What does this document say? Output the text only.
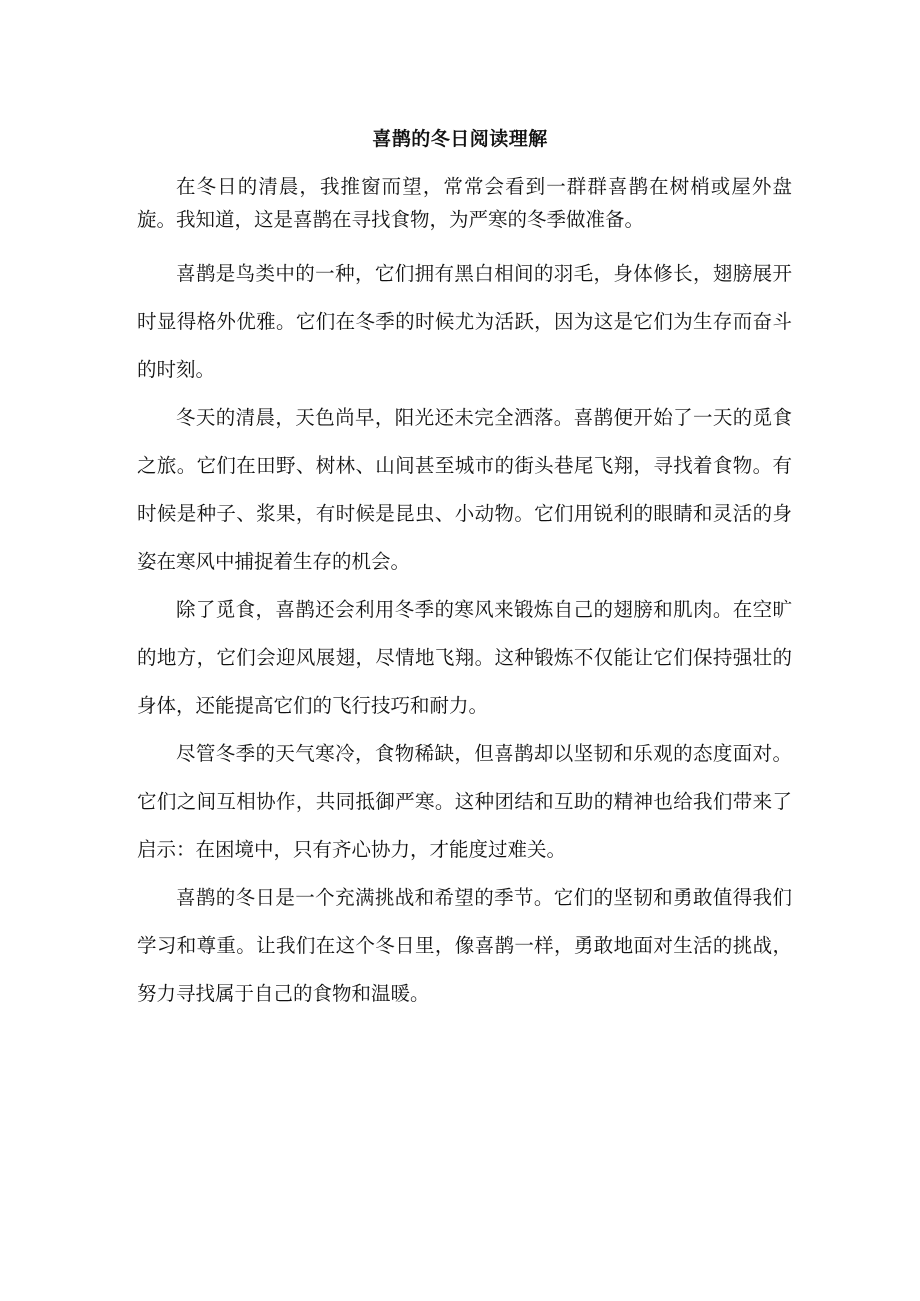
喜鹊的冬日阅读理解

在冬日的清晨，我推窗而望，常常会看到一群群喜鹊在树梢或屋外盘旋。我知道，这是喜鹊在寻找食物，为严寒的冬季做准备。

喜鹊是鸟类中的一种，它们拥有黑白相间的羽毛，身体修长，翅膀展开时显得格外优雅。它们在冬季的时候尤为活跃，因为这是它们为生存而奋斗的时刻。

冬天的清晨，天色尚早，阳光还未完全洒落。喜鹊便开始了一天的觅食之旅。它们在田野、树林、山间甚至城市的街头巷尾飞翔，寻找着食物。有时候是种子、浆果，有时候是昆虫、小动物。它们用锐利的眼睛和灵活的身姿在寒风中捕捉着生存的机会。

除了觅食，喜鹊还会利用冬季的寒风来锻炼自己的翅膀和肌肉。在空旷的地方，它们会迎风展翅，尽情地飞翔。这种锻炼不仅能让它们保持强壮的身体，还能提高它们的飞行技巧和耐力。

尽管冬季的天气寒冷，食物稀缺，但喜鹊却以坚韧和乐观的态度面对。它们之间互相协作，共同抵御严寒。这种团结和互助的精神也给我们带来了启示：在困境中，只有齐心协力，才能度过难关。

喜鹊的冬日是一个充满挑战和希望的季节。它们的坚韧和勇敢值得我们学习和尊重。让我们在这个冬日里，像喜鹊一样，勇敢地面对生活的挑战，努力寻找属于自己的食物和温暖。
